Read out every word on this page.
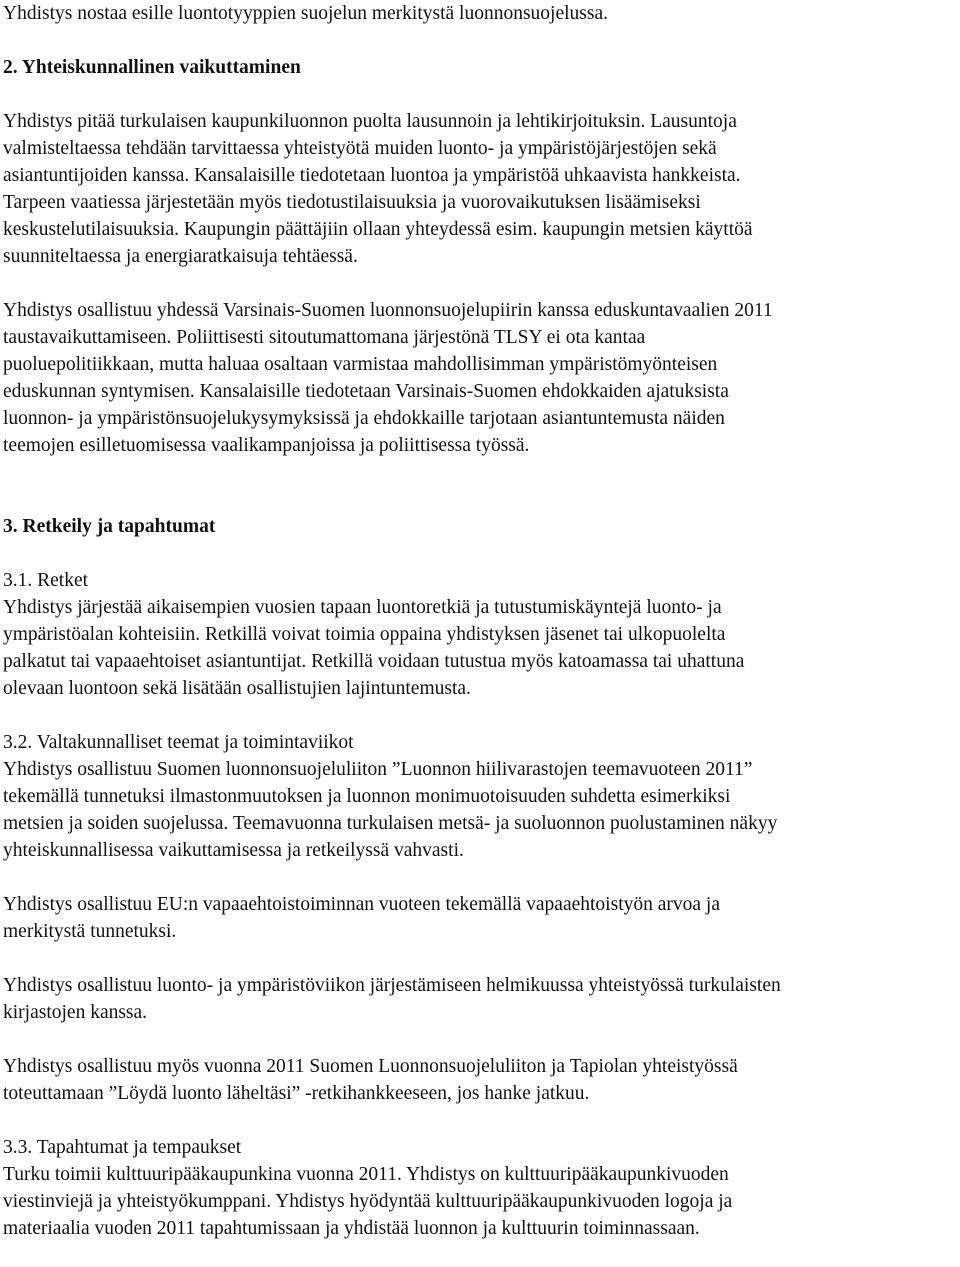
Yhdistys nostaa esille luontotyyppien suojelun merkitystä luonnonsuojelussa.

2. Yhteiskunnallinen vaikuttaminen

Yhdistys pitää turkulaisen kaupunkiluonnon puolta lausunnoin ja lehtikirjoituksin. Lausuntoja
valmisteltaessa tehdään tarvittaessa yhteistyötä muiden luonto- ja ympäristöjärjestöjen sekä
asiantuntijoiden kanssa. Kansalaisille tiedotetaan luontoa ja ympäristöä uhkaavista hankkeista.
Tarpeen vaatiessa järjestetään myös tiedotustilaisuuksia ja vuorovaikutuksen lisäämiseksi
keskustelutilaisuuksia. Kaupungin päättäjiin ollaan yhteydessä esim. kaupungin metsien käyttöä
suunniteltaessa ja energiaratkaisuja tehtäessä.

Yhdistys osallistuu yhdessä Varsinais-Suomen luonnonsuojelupiirin kanssa eduskuntavaalien 2011
taustavaikuttamiseen. Poliittisesti sitoutumattomana järjestönä TLSY ei ota kantaa
puoluepolitiikkaan, mutta haluaa osaltaan varmistaa mahdollisimman ympäristömyönteisen
eduskunnan syntymisen. Kansalaisille tiedotetaan Varsinais-Suomen ehdokkaiden ajatuksista
luonnon- ja ympäristönsuojelukysymyksissä ja ehdokkaille tarjotaan asiantuntemusta näiden
teemojen esilletuomisessa vaalikampanjoissa ja poliittisessa työssä.

3. Retkeily ja tapahtumat
3.1. Retket
Yhdistys järjestää aikaisempien vuosien tapaan luontoretkiä ja tutustumiskäyntejä luonto- ja
ympäristöalan kohteisiin. Retkillä voivat toimia oppaina yhdistyksen jäsenet tai ulkopuolelta
palkatut tai vapaaehtoiset asiantuntijat. Retkillä voidaan tutustua myös katoamassa tai uhattuna
olevaan luontoon sekä lisätään osallistujien lajintuntemusta.
3.2. Valtakunnalliset teemat ja toimintaviikot
Yhdistys osallistuu Suomen luonnonsuojeluliiton ”Luonnon hiilivarastojen teemavuoteen 2011”
tekemällä tunnetuksi ilmastonmuutoksen ja luonnon monimuotoisuuden suhdetta esimerkiksi
metsien ja soiden suojelussa. Teemavuonna turkulaisen metsä- ja suoluonnon puolustaminen näkyy
yhteiskunnallisessa vaikuttamisessa ja retkeilyssä vahvasti.
Yhdistys osallistuu EU:n vapaaehtoistoiminnan vuoteen tekemällä vapaaehtoistyön arvoa ja
merkitystä tunnetuksi.
Yhdistys osallistuu luonto- ja ympäristöviikon järjestämiseen helmikuussa yhteistyössä turkulaisten
kirjastojen kanssa.
Yhdistys osallistuu myös vuonna 2011 Suomen Luonnonsuojeluliiton ja Tapiolan yhteistyössä
toteuttamaan ”Löydä luonto läheltäsi” -retkihankkeeseen, jos hanke jatkuu.
3.3. Tapahtumat ja tempaukset
Turku toimii kulttuuripääkaupunkina vuonna 2011. Yhdistys on kulttuuripääkaupunkivuoden
viestinviejä ja yhteistyökumppani. Yhdistys hyödyntää kulttuuripääkaupunkivuoden logoja ja
materiaalia vuoden 2011 tapahtumissaan ja yhdistää luonnon ja kulttuurin toiminnassaan.
